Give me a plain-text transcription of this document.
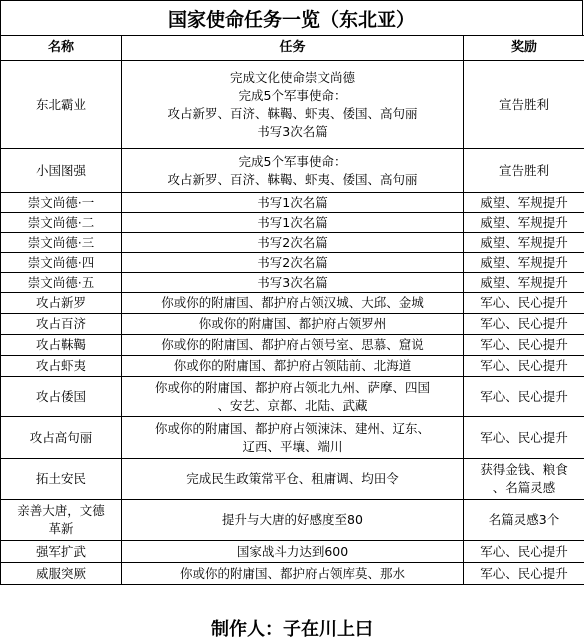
国家使命任务一览（东北亚）
名称	任务	奖励
东北霸业	完成文化使命崇文尚德
完成5个军事使命：
攻占新罗、百济、靺鞨、虾夷、倭国、高句丽
书写3次名篇	宣告胜利
小国图强	完成5个军事使命：
攻占新罗、百济、靺鞨、虾夷、倭国、高句丽	宣告胜利
崇文尚德·一	书写1次名篇	威望、军规提升
崇文尚德·二	书写1次名篇	威望、军规提升
崇文尚德·三	书写2次名篇	威望、军规提升
崇文尚德·四	书写2次名篇	威望、军规提升
崇文尚德·五	书写3次名篇	威望、军规提升
攻占新罗	你或你的附庸国、都护府占领汉城、大邱、金城	军心、民心提升
攻占百济	你或你的附庸国、都护府占领罗州	军心、民心提升
攻占靺鞨	你或你的附庸国、都护府占领号室、思慕、窟说	军心、民心提升
攻占虾夷	你或你的附庸国、都护府占领陆前、北海道	军心、民心提升
攻占倭国	你或你的附庸国、都护府占领北九州、萨摩、四国
、安艺、京都、北陆、武藏	军心、民心提升
攻占高句丽	你或你的附庸国、都护府占领涑沫、建州、辽东、
辽西、平壤、端川	军心、民心提升
拓土安民	完成民生政策常平仓、租庸调、均田令	获得金钱、粮食
、名篇灵感
亲善大唐，文德
革新	提升与大唐的好感度至80	名篇灵感3个
强军扩武	国家战斗力达到600	军心、民心提升
威服突厥	你或你的附庸国、都护府占领库莫、那水	军心、民心提升
制作人：子在川上曰
